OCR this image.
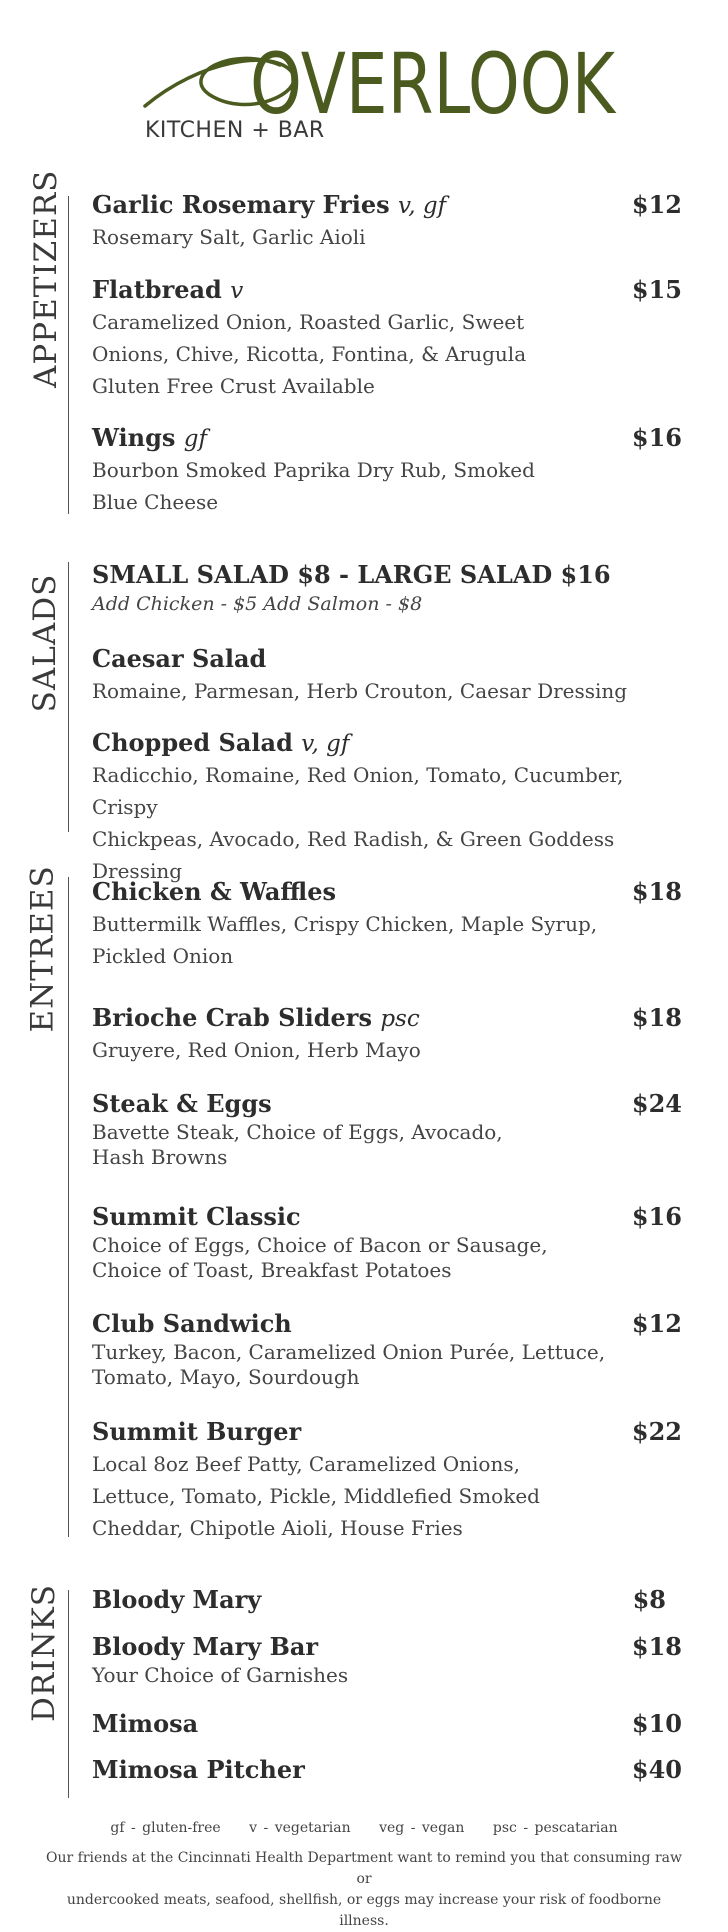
OVERLOOK
KITCHEN + BAR
APPETIZERS Garlic Rosemary Fries v, gf	$12
Rosemary Salt, Garlic Aioli
Flatbread v	$15
Caramelized Onion, Roasted Garlic, Sweet
Onions, Chive, Ricotta, Fontina, & Arugula
Gluten Free Crust Available
Wings gf	$16
Bourbon Smoked Paprika Dry Rub, Smoked
Blue Cheese
SALADS SMALL SALAD $8 - LARGE SALAD $16
Add Chicken - $5 Add Salmon - $8
Caesar Salad
Romaine, Parmesan, Herb Crouton, Caesar Dressing
Chopped Salad v, gf
Radicchio, Romaine, Red Onion, Tomato, Cucumber, Crispy
Chickpeas, Avocado, Red Radish, & Green Goddess Dressing
ENTREES Chicken & Waffles	$18
Buttermilk Waffles, Crispy Chicken, Maple Syrup,
Pickled Onion
Brioche Crab Sliders psc	$18
Gruyere, Red Onion, Herb Mayo
Steak & Eggs	$24
Bavette Steak, Choice of Eggs, Avocado,
Hash Browns
Summit Classic	$16
Choice of Eggs, Choice of Bacon or Sausage,
Choice of Toast, Breakfast Potatoes
Club Sandwich	$12
Turkey, Bacon, Caramelized Onion Purée, Lettuce,
Tomato, Mayo, Sourdough
Summit Burger	$22
Local 8oz Beef Patty, Caramelized Onions,
Lettuce, Tomato, Pickle, Middlefied Smoked
Cheddar, Chipotle Aioli, House Fries
DRINKS Bloody Mary	$8
Bloody Mary Bar	$18
Your Choice of Garnishes
Mimosa	$10
Mimosa Pitcher	$40
gf - gluten-free v - vegetarian veg - vegan psc - pescatarian
Our friends at the Cincinnati Health Department want to remind you that consuming raw or
undercooked meats, seafood, shellfish, or eggs may increase your risk of foodborne illness.
